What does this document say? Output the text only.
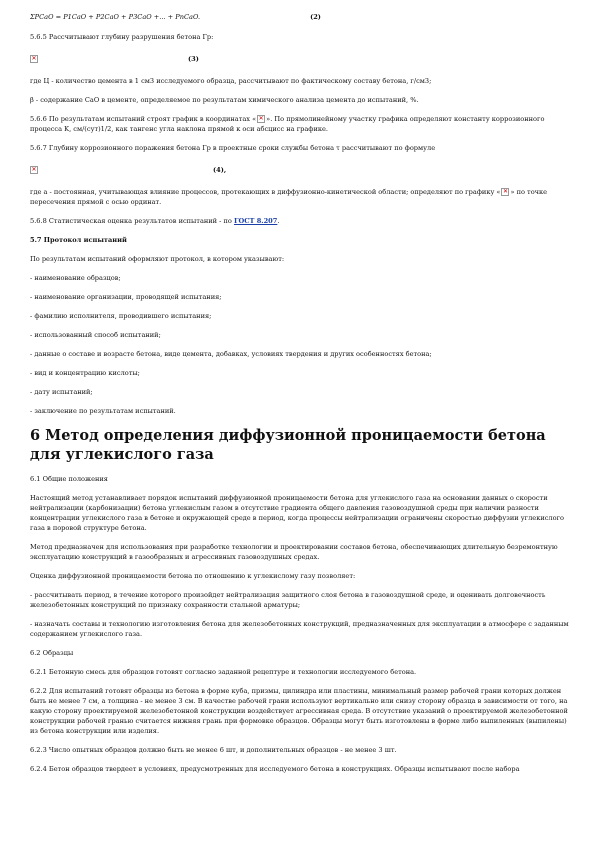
ΣPCaO = P1CaO + P2CaO + P3CaO +... + PnCaO.	(2)

5.6.5 Рассчитывают глубину разрушения бетона Гр:

✕	(3)

где Ц - количество цемента в 1 см3 исследуемого образца, рассчитывают по фактическому составу бетона, г/см3;

β - содержание CaO в цементе, определяемое по результатам химического анализа цемента до испытаний, %.

5.6.6 По результатам испытаний строят график в координатах « ✕ ». По прямолинейному участку графика определяют константу коррозионного процесса K, см/(сут)1/2, как тангенс угла наклона прямой к оси абсцисс на графике.

5.6.7 Глубину коррозионного поражения бетона Гр в проектные сроки службы бетона τ рассчитывают по формуле

✕	(4),

где a - постоянная, учитывающая влияние процессов, протекающих в диффузионно-кинетической области; определяют по графику « ✕ » по точке пересечения прямой с осью ординат.

5.6.8 Статистическая оценка результатов испытаний - по ГОСТ 8.207.

5.7 Протокол испытаний

По результатам испытаний оформляют протокол, в котором указывают:

- наименование образцов;

- наименование организации, проводящей испытания;

- фамилию исполнителя, проводившего испытания;

- использованный способ испытаний;

- данные о составе и возрасте бетона, виде цемента, добавках, условиях твердения и других особенностях бетона;

- вид и концентрацию кислоты;

- дату испытаний;

- заключение по результатам испытаний.

6 Метод определения диффузионной проницаемости бетона для углекислого газа

6.1 Общие положения

Настоящий метод устанавливает порядок испытаний диффузионной проницаемости бетона для углекислого газа на основании данных о скорости нейтрализации (карбонизации) бетона углекислым газом в отсутствие градиента общего давления газовоздушной среды при наличии разности концентрации углекислого газа в бетоне и окружающей среде в период, когда процессы нейтрализации ограничены скоростью диффузии углекислого газа в поровой структуре бетона.

Метод предназначен для использования при разработке технологии и проектировании составов бетона, обеспечивающих длительную безремонтную эксплуатацию конструкций в газообразных и агрессивных газовоздушных средах.

Оценка диффузионной проницаемости бетона по отношению к углекислому газу позволяет:

- рассчитывать период, в течение которого произойдет нейтрализация защитного слоя бетона в газовоздушной среде, и оценивать долговечность железобетонных конструкций по признаку сохранности стальной арматуры;

- назначать составы и технологию изготовления бетона для железобетонных конструкций, предназначенных для эксплуатации в атмосфере с заданным содержанием углекислого газа.

6.2 Образцы

6.2.1 Бетонную смесь для образцов готовят согласно заданной рецептуре и технологии исследуемого бетона.

6.2.2 Для испытаний готовят образцы из бетона в форме куба, призмы, цилиндра или пластины, минимальный размер рабочей грани которых должен быть не менее 7 см, а толщина - не менее 3 см. В качестве рабочей грани используют вертикально или снизу сторону образца в зависимости от того, на какую сторону проектируемой железобетонной конструкции воздействует агрессивная среда. В отсутствие указаний о проектируемой железобетонной конструкции рабочей гранью считается нижняя грань при формовке образцов. Образцы могут быть изготовлены в форме либо выпиленных (выпилены) из бетона конструкции или изделия.

6.2.3 Число опытных образцов должно быть не менее 6 шт, и дополнительных образцов - не менее 3 шт.

6.2.4 Бетон образцов твердеет в условиях, предусмотренных для исследуемого бетона в конструкциях. Образцы испытывают после набора
